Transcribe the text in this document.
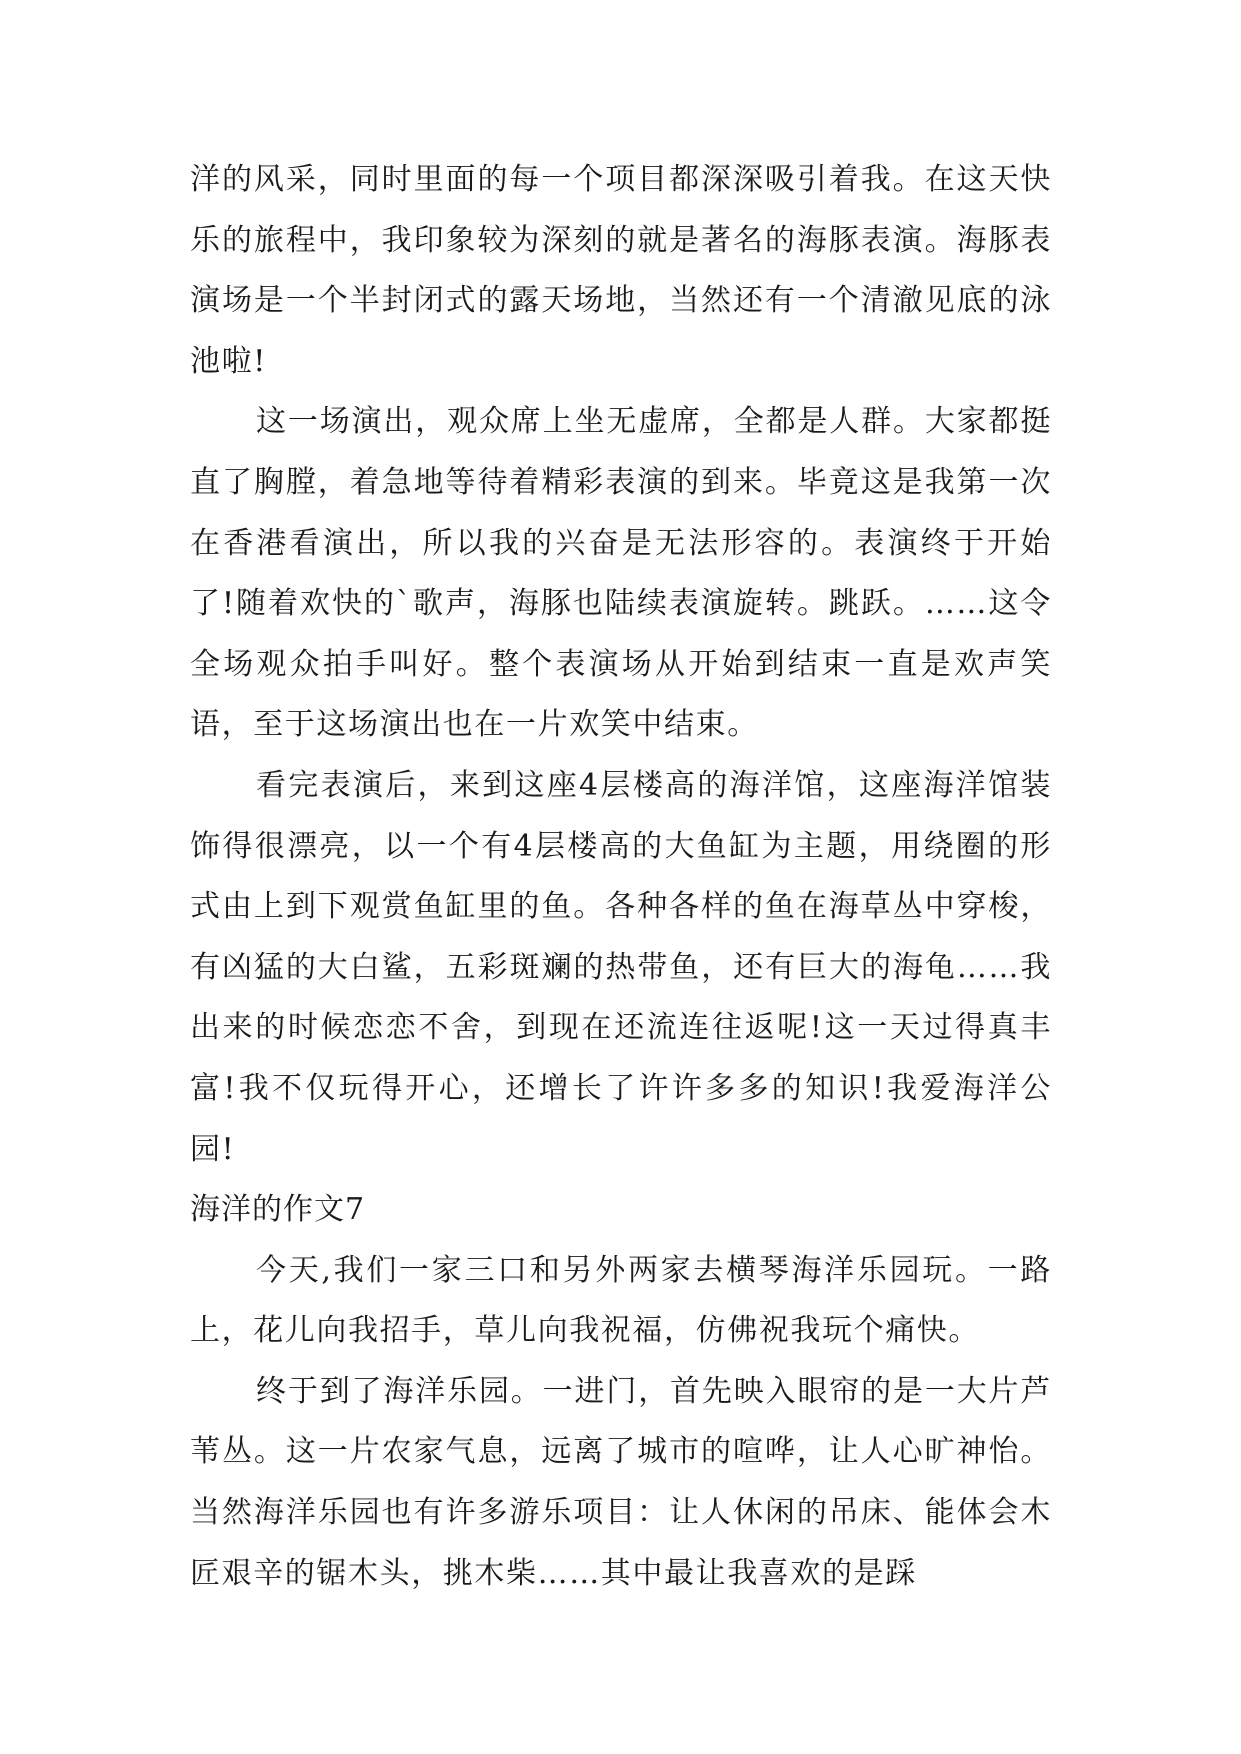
洋的风采，同时里面的每一个项目都深深吸引着我。在这天快乐的旅程中，我印象较为深刻的就是著名的海豚表演。海豚表演场是一个半封闭式的露天场地，当然还有一个清澈见底的泳池啦!

这一场演出，观众席上坐无虚席，全都是人群。大家都挺直了胸膛，着急地等待着精彩表演的到来。毕竟这是我第一次在香港看演出，所以我的兴奋是无法形容的。表演终于开始了!随着欢快的`歌声，海豚也陆续表演旋转。跳跃。……这令全场观众拍手叫好。整个表演场从开始到结束一直是欢声笑语，至于这场演出也在一片欢笑中结束。

看完表演后，来到这座4层楼高的海洋馆，这座海洋馆装饰得很漂亮，以一个有4层楼高的大鱼缸为主题，用绕圈的形式由上到下观赏鱼缸里的鱼。各种各样的鱼在海草丛中穿梭，有凶猛的大白鲨，五彩斑斓的热带鱼，还有巨大的海龟……我出来的时候恋恋不舍，到现在还流连往返呢!这一天过得真丰富!我不仅玩得开心，还增长了许许多多的知识!我爱海洋公园!

海洋的作文7

今天,我们一家三口和另外两家去横琴海洋乐园玩。一路上，花儿向我招手，草儿向我祝福，仿佛祝我玩个痛快。

终于到了海洋乐园。一进门，首先映入眼帘的是一大片芦苇丛。这一片农家气息，远离了城市的喧哗，让人心旷神怡。当然海洋乐园也有许多游乐项目：让人休闲的吊床、能体会木匠艰辛的锯木头，挑木柴……其中最让我喜欢的是踩
